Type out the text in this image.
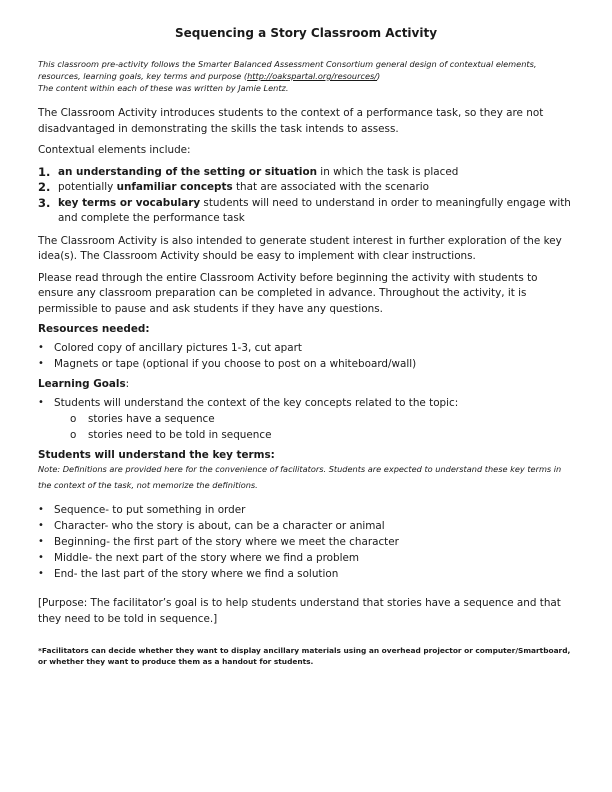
Sequencing a Story Classroom Activity
This classroom pre-activity follows the Smarter Balanced Assessment Consortium general design of contextual elements, resources, learning goals, key terms and purpose (http://oakspartal.org/resources/)
The content within each of these was written by Jamie Lentz.

The Classroom Activity introduces students to the context of a performance task, so they are not disadvantaged in demonstrating the skills the task intends to assess.

Contextual elements include:

1. an understanding of the setting or situation in which the task is placed
2. potentially unfamiliar concepts that are associated with the scenario
3. key terms or vocabulary students will need to understand in order to meaningfully engage with and complete the performance task

The Classroom Activity is also intended to generate student interest in further exploration of the key idea(s). The Classroom Activity should be easy to implement with clear instructions.

Please read through the entire Classroom Activity before beginning the activity with students to ensure any classroom preparation can be completed in advance. Throughout the activity, it is permissible to pause and ask students if they have any questions.

Resources needed:
• Colored copy of ancillary pictures 1-3, cut apart
• Magnets or tape (optional if you choose to post on a whiteboard/wall)
Learning Goals:
• Students will understand the context of the key concepts related to the topic:
o stories have a sequence
o stories need to be told in sequence
Students will understand the key terms:
Note: Definitions are provided here for the convenience of facilitators. Students are expected to understand these key terms in the context of the task, not memorize the definitions.
• Sequence- to put something in order
• Character- who the story is about, can be a character or animal
• Beginning- the first part of the story where we meet the character
• Middle- the next part of the story where we find a problem
• End- the last part of the story where we find a solution

[Purpose: The facilitator’s goal is to help students understand that stories have a sequence and that they need to be told in sequence.]

*Facilitators can decide whether they want to display ancillary materials using an overhead projector or computer/Smartboard, or whether they want to produce them as a handout for students.
